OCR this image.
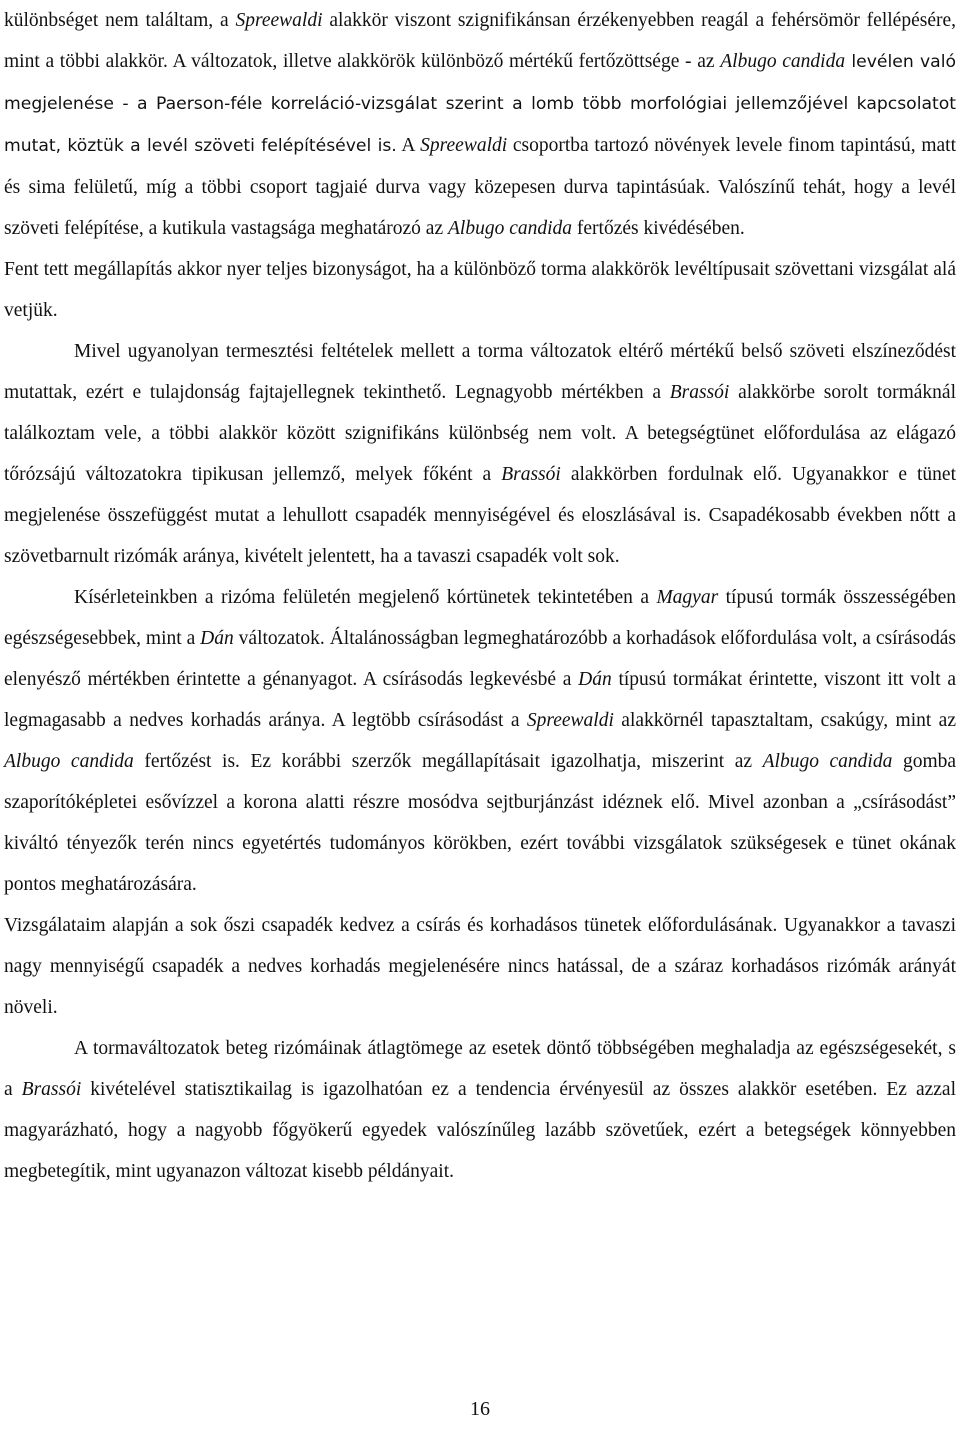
különbséget nem találtam, a Spreewaldi alakkör viszont szignifikánsan érzékenyebben reagál a fehérsömör fellépésére, mint a többi alakkör. A változatok, illetve alakkörök különböző mértékű fertőzöttsége - az Albugo candida levélen való megjelenése - a Paerson-féle korreláció-vizsgálat szerint a lomb több morfológiai jellemzőjével kapcsolatot mutat, köztük a levél szöveti felépítésével is. A Spreewaldi csoportba tartozó növények levele finom tapintású, matt és sima felületű, míg a többi csoport tagjaié durva vagy közepesen durva tapintásúak. Valószínű tehát, hogy a levél szöveti felépítése, a kutikula vastagsága meghatározó az Albugo candida fertőzés kivédésében.

Fent tett megállapítás akkor nyer teljes bizonyságot, ha a különböző torma alakkörök levéltípusait szövettani vizsgálat alá vetjük.

Mivel ugyanolyan termesztési feltételek mellett a torma változatok eltérő mértékű belső szöveti elszíneződést mutattak, ezért e tulajdonság fajtajellegnek tekinthető. Legnagyobb mértékben a Brassói alakkörbe sorolt tormáknál találkoztam vele, a többi alakkör között szignifikáns különbség nem volt. A betegségtünet előfordulása az elágazó tőrózsájú változatokra tipikusan jellemző, melyek főként a Brassói alakkörben fordulnak elő. Ugyanakkor e tünet megjelenése összefüggést mutat a lehullott csapadék mennyiségével és eloszlásával is. Csapadékosabb években nőtt a szövetbarnult rizómák aránya, kivételt jelentett, ha a tavaszi csapadék volt sok.

Kísérleteinkben a rizóma felületén megjelenő kórtünetek tekintetében a Magyar típusú tormák összességében egészségesebbek, mint a Dán változatok. Általánosságban legmeghatározóbb a korhadások előfordulása volt, a csírásodás elenyésző mértékben érintette a génanyagot. A csírásodás legkevésbé a Dán típusú tormákat érintette, viszont itt volt a legmagasabb a nedves korhadás aránya. A legtöbb csírásodást a Spreewaldi alakkörnél tapasztaltam, csakúgy, mint az Albugo candida fertőzést is. Ez korábbi szerzők megállapításait igazolhatja, miszerint az Albugo candida gomba szaporítóképletei esővízzel a korona alatti részre mosódva sejtburjánzást idéznek elő. Mivel azonban a „csírásodást” kiváltó tényezők terén nincs egyetértés tudományos körökben, ezért további vizsgálatok szükségesek e tünet okának pontos meghatározására.

Vizsgálataim alapján a sok őszi csapadék kedvez a csírás és korhadásos tünetek előfordulásának. Ugyanakkor a tavaszi nagy mennyiségű csapadék a nedves korhadás megjelenésére nincs hatással, de a száraz korhadásos rizómák arányát növeli.

A tormaváltozatok beteg rizómáinak átlagtömege az esetek döntő többségében meghaladja az egészségesekét, s a Brassói kivételével statisztikailag is igazolhatóan ez a tendencia érvényesül az összes alakkör esetében. Ez azzal magyarázható, hogy a nagyobb főgyökerű egyedek valószínűleg lazább szövetűek, ezért a betegségek könnyebben megbetegítik, mint ugyanazon változat kisebb példányait.

16
